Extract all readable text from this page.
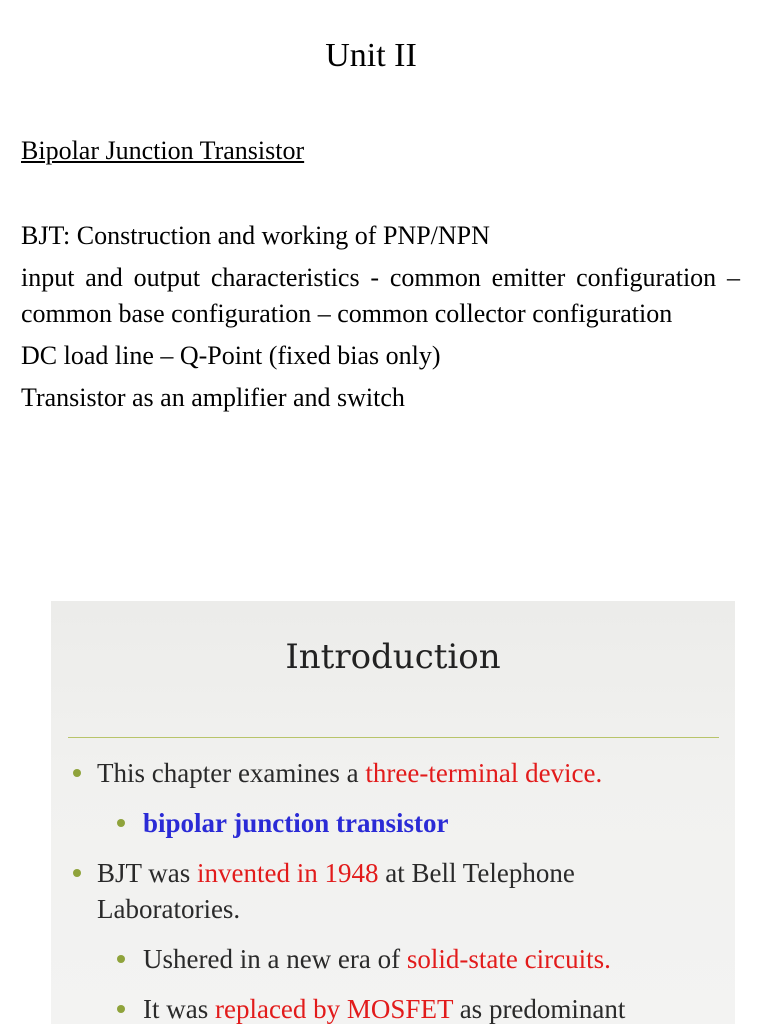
Unit II
Bipolar Junction Transistor

BJT: Construction and working of PNP/NPN

input and output characteristics - common emitter configuration – common base configuration – common collector configuration

DC load line – Q-Point (fixed bias only)

Transistor as an amplifier and switch

Introduction
This chapter examines a three-terminal device.
bipolar junction transistor
BJT was invented in 1948 at Bell Telephone
Laboratories.
Ushered in a new era of solid-state circuits.
It was replaced by MOSFET as predominant
